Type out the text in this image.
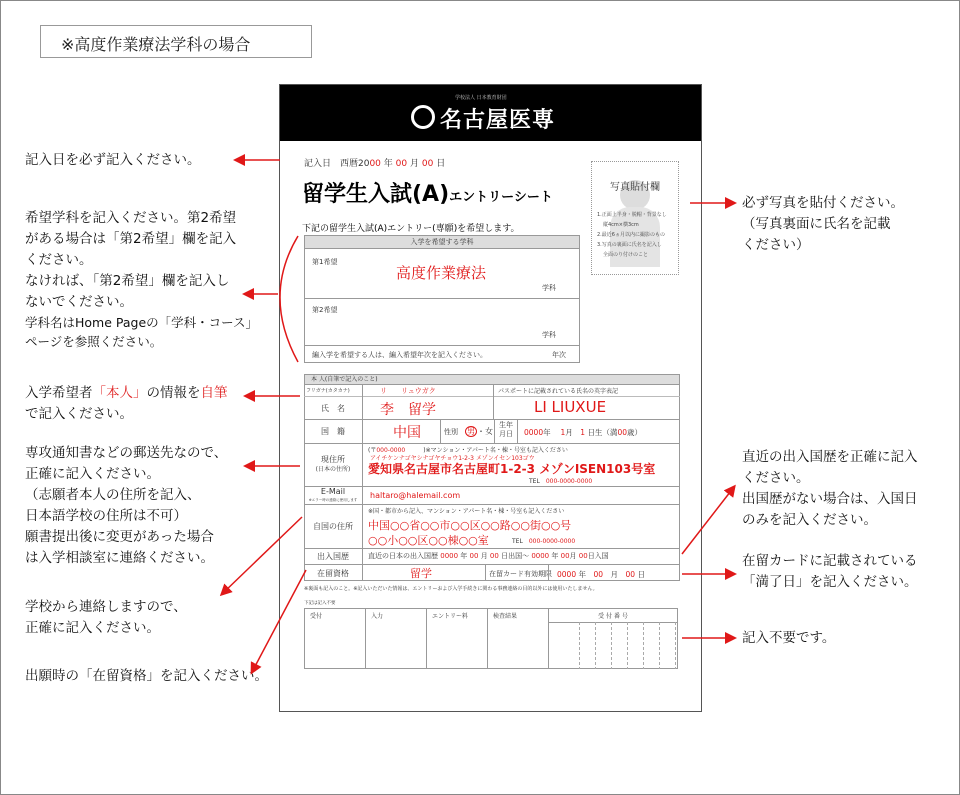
※高度作業療法学科の場合
記入日を必ず記入ください。
希望学科を記入ください。第2希望
がある場合は「第2希望」欄を記入
ください。
なければ、「第2希望」欄を記入し
ないでください。
学科名はHome Pageの「学科・コース」
ページを参照ください。
入学希望者「本人」の情報を自筆
で記入ください。
専攻通知書などの郵送先なので、
正確に記入ください。
（志願者本人の住所を記入、
日本語学校の住所は不可）
願書提出後に変更があった場合
は入学相談室に連絡ください。
学校から連絡しますので、
正確に記入ください。
出願時の「在留資格」を記入ください。
必ず写真を貼付ください。
（写真裏面に氏名を記載
ください）
直近の出入国歴を正確に記入
ください。
出国歴がない場合は、入国日
のみを記入ください。
在留カードに記載されている
「満了日」を記入ください。
記入不要です。
学校法人 日本教育財団
名古屋医専
記入日　西暦2000 年 00 月 00 日
留学生入試(A)エントリーシート
下記の留学生入試(A)エントリー(専願)を希望します。
入学を希望する学科
第1希望
高度作業療法
学科
第2希望
学科
編入学を希望する人は、編入希望年次を記入ください。	年次
写真貼付欄
1.正面上半身・脱帽・背景なし
縦4cm×横3cm
2.最近6ヵ月以内に撮影のもの
3.写真の裏面に氏名を記入し
全面のり付けのこと
本 人(自筆で記入のこと)
フリガナ(カタカナ)	リ　　リュウガク	パスポートに記載されている氏名の英字表記
氏　名	李　留学	LI LIUXUE
国　籍	中国	性別 男 ・女
生年月日 0000年　 1月　 1 日生（満00歳）
現住所
(日本の住所)
(〒000-0000　　　	)※マンション・アパート名・棟・号室も記入ください
アイチケンナゴヤシナゴヤチョウ1-2-3 メゾンイセン103ゴウ
愛知県名古屋市名古屋町1-2-3 メゾンISEN103号室
TEL　 000-0000-0000
E-Mail
※エラー時の連絡に使用します	haltaro@halemail.com
自国の住所
※国・都市から記入、マンション・アパート名・棟・号室も記入ください
中国○○省○○市○○区○○路○○街○○号
○○小○○区○○棟○○室	TEL　 000-0000-0000
出入国歴	直近の日本の出入国歴 0000 年 00 月 00 日出国～ 0000 年 00月 00日入国
在留資格	留学	在留カード有効期限 0000 年　 00　 月　 00 日
※裏面も記入のこと。※記入いただいた情報は、エントリーおよび入学手続きに関わる事務連絡の目的以外には使用いたしません。
下記は記入不要
受付	入力	エントリー料	検査結果	受 付 番 号
